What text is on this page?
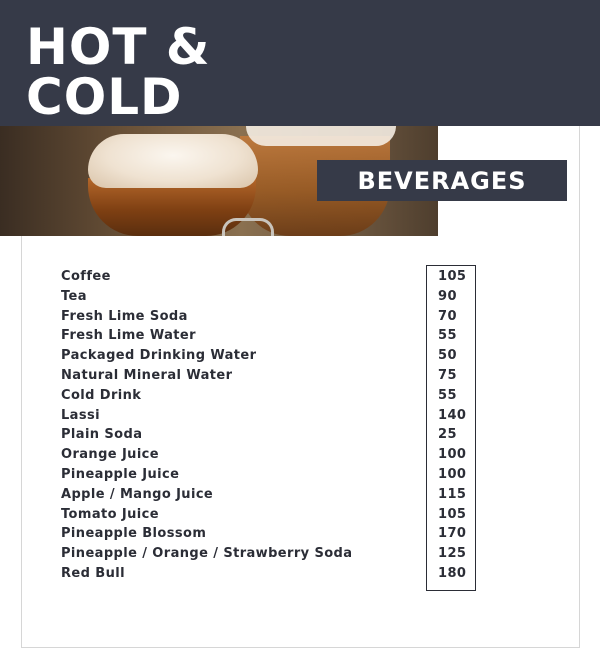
HOT &
COLD
BEVERAGES
Coffee
Tea
Fresh Lime Soda
Fresh Lime Water
Packaged Drinking Water
Natural Mineral Water
Cold Drink
Lassi
Plain Soda
Orange Juice
Pineapple Juice
Apple / Mango Juice
Tomato Juice
Pineapple Blossom
Pineapple / Orange / Strawberry Soda
Red Bull
105
90
70
55
50
75
55
140
25
100
100
115
105
170
125
180
